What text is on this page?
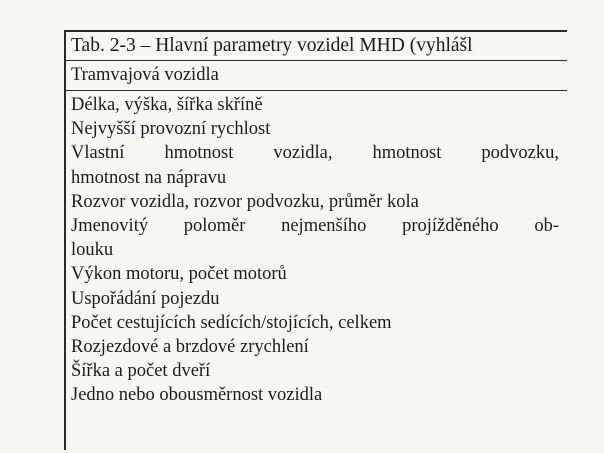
Tab. 2-3 – Hlavní parametry vozidel MHD (vyhlášl
Tramvajová vozidla
Délka, výška, šířka skříně
Nejvyšší provozní rychlost
Vlastní hmotnost vozidla, hmotnost podvozku,
hmotnost na nápravu
Rozvor vozidla, rozvor podvozku, průměr kola
Jmenovitý poloměr nejmenšího projížděného ob-
louku
Výkon motoru, počet motorů
Uspořádání pojezdu
Počet cestujících sedících/stojících, celkem
Rozjezdové a brzdové zrychlení
Šířka a počet dveří
Jedno nebo obousměrnost vozidla
